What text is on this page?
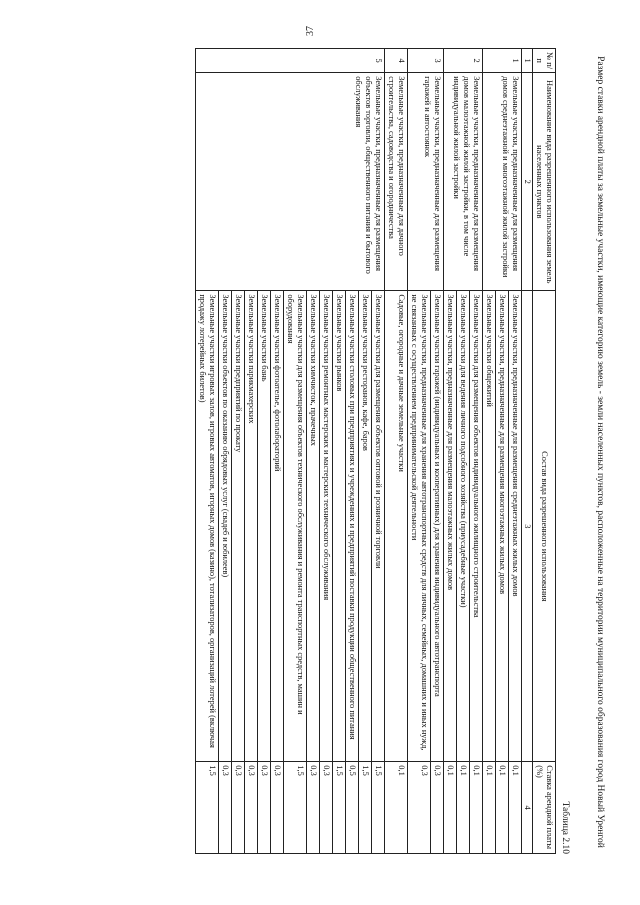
37
Размер ставки арендной платы за земельные участки, имеющие категорию земель - земли населенных пунктов, расположенные на территории муниципального образования город Новый Уренгой
Таблица 2.10
№ п/п	Наименование вида разрешенного использования земель населенных пунктов	Состав вида разрешенного использования	Ставка арендной платы (%)
1	2	3	4
1	Земельные участки, предназначенные для размещения домов среднеэтажной и многоэтажной жилой застройки	Земельные участки, предназначенные для размещения среднеэтажных жилых домов	0,1
		Земельные участки, предназначенные для размещения многоэтажных жилых домов	0,1
		Земельные участки общежитий	0,1
2	Земельные участки, предназначенные для размещения домов малоэтажной жилой застройки, в том числе индивидуальной жилой застройки	Земельные участки для размещения объектов индивидуального жилищного строительства	0,1
		Земельные участки для ведения личного подсобного хозяйства (приусадебные участки)	0,1
		Земельные участки, предназначенные для размещения малоэтажных жилых домов	0,1
3	Земельные участки, предназначенные для размещения гаражей и автостоянок	Земельные участки гаражей (индивидуальных и кооперативных) для хранения индивидуального автотранспорта	0,3
		Земельные участки, предназначенные для хранения автотранспортных средств для личных, семейных, домашних и иных нужд, не связанных с осуществлением предпринимательской деятельности	0,3
4	Земельные участки, предназначенные для дачного строительства, садоводства и огородничества	Садовые, огородные и дачные земельные участки	0,1
5	Земельные участки, предназначенные для размещения объектов торговли, общественного питания и бытового обслуживания	Земельные участки для размещения объектов оптовой и розничной торговли	1,5
		Земельные участки ресторанов, кафе, баров	1,5
		Земельные участки столовых при предприятиях и учреждениях и предприятий поставки продукции общественного питания	0,5
		Земельные участки рынков	1,5
		Земельные участки ремонтных мастерских и мастерских технического обслуживания	0,3
		Земельные участки химчисток, прачечных	0,3
		Земельные участки для размещения объектов технического обслуживания и ремонта транспортных средств, машин и оборудования	1,5
		Земельные участки фотоателье, фотолабораторий	0,3
		Земельные участки бань	0,3
		Земельные участки парикмахерских	0,3
		Земельные участки предприятий по прокату	0,3
		Земельные участки объектов по оказанию обрядовых услуг (свадеб и юбилеев)	0,3
		Земельные участки игровых залов, игровых автоматов, игорных домов (казино), тотализаторов, организаций лотерей (включая продажу лотерейных билетов)	1,5
